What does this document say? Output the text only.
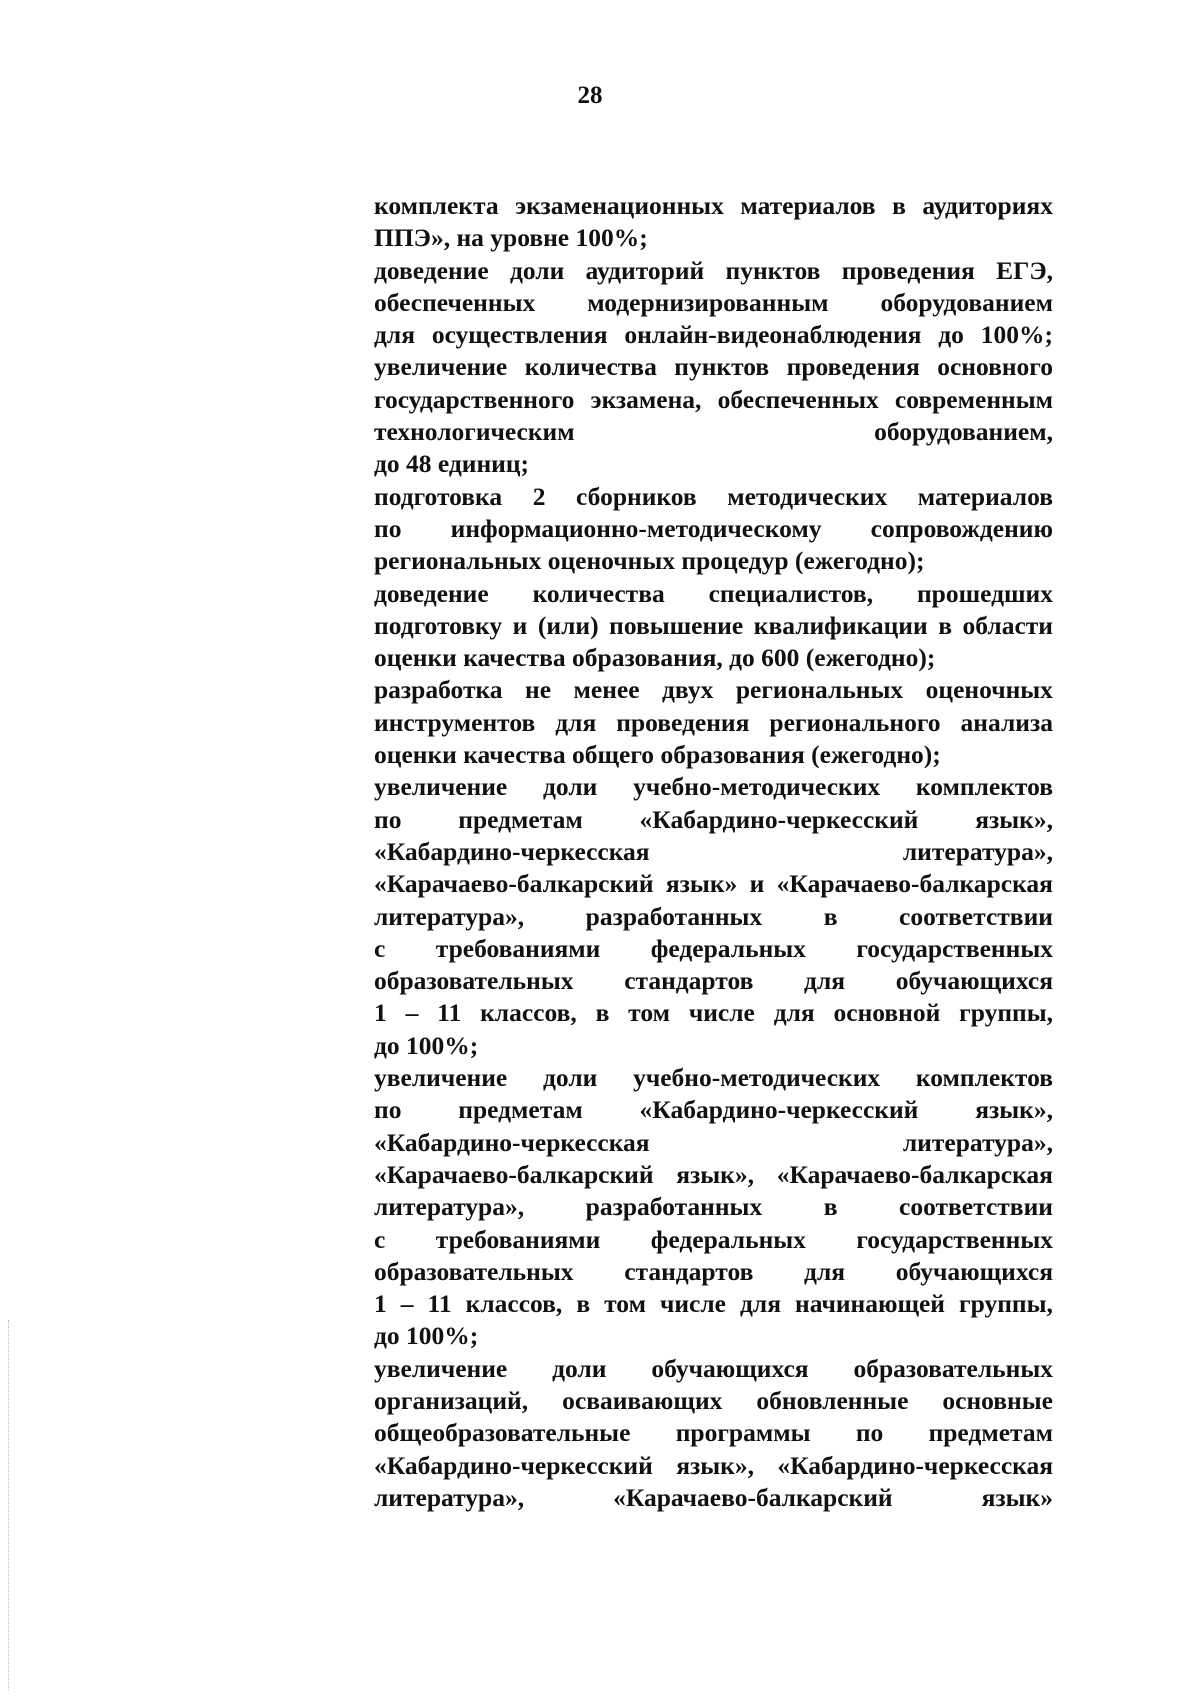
28

комплекта экзаменационных материалов в аудиториях
ППЭ», на уровне 100%;
доведение доли аудиторий пунктов проведения ЕГЭ,
обеспеченных модернизированным оборудованием
для осуществления онлайн-видеонаблюдения до 100%;
увеличение количества пунктов проведения основного
государственного экзамена, обеспеченных современным
технологическим	оборудованием,
до 48 единиц;
подготовка 2 сборников методических материалов
по информационно-методическому сопровождению
региональных оценочных процедур (ежегодно);
доведение количества специалистов, прошедших
подготовку и (или) повышение квалификации в области
оценки качества образования, до 600 (ежегодно);
разработка не менее двух региональных оценочных
инструментов для проведения регионального анализа
оценки качества общего образования (ежегодно);
увеличение доли учебно-методических комплектов
по предметам «Кабардино-черкесский язык»,
«Кабардино-черкесская	литература»,
«Карачаево-балкарский язык» и «Карачаево-балкарская
литература», разработанных в соответствии
с требованиями федеральных государственных
образовательных стандартов для обучающихся
1 – 11 классов, в том числе для основной группы,
до 100%;
увеличение доли учебно-методических комплектов
по предметам «Кабардино-черкесский язык»,
«Кабардино-черкесская	литература»,
«Карачаево-балкарский язык», «Карачаево-балкарская
литература», разработанных в соответствии
с требованиями федеральных государственных
образовательных стандартов для обучающихся
1 – 11 классов, в том числе для начинающей группы,
до 100%;
увеличение доли обучающихся образовательных
организаций, осваивающих обновленные основные
общеобразовательные программы по предметам
«Кабардино-черкесский язык», «Кабардино-черкесская
литература»,	«Карачаево-балкарский	язык»
